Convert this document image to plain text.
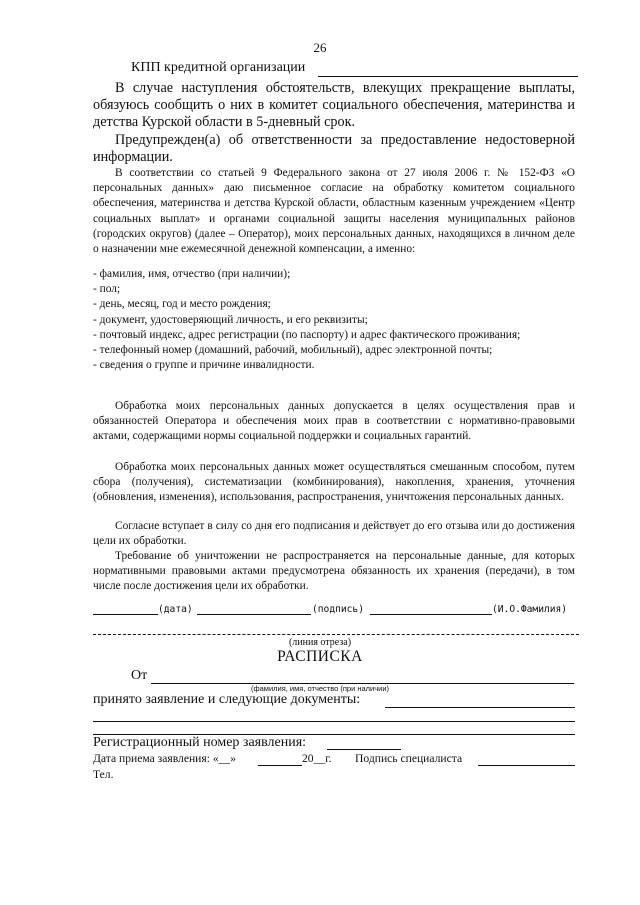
26
КПП кредитной организации
В случае наступления обстоятельств, влекущих прекращение выплаты, обязуюсь сообщить о них в комитет социального обеспечения, материнства и детства Курской области в 5-дневный срок.
Предупрежден(а) об ответственности за предоставление недостоверной информации.
В соответствии со статьей 9 Федерального закона от 27 июля 2006 г. № 152-ФЗ «О персональных данных» даю письменное согласие на обработку комитетом социального обеспечения, материнства и детства Курской области, областным казенным учреждением «Центр социальных выплат» и органами социальной защиты населения муниципальных районов (городских округов) (далее – Оператор), моих персональных данных, находящихся в личном деле о назначении мне ежемесячной денежной компенсации, а именно:
- фамилия, имя, отчество (при наличии);
- пол;
- день, месяц, год и место рождения;
- документ, удостоверяющий личность, и его реквизиты;
- почтовый индекс, адрес регистрации (по паспорту) и адрес фактического проживания;
- телефонный номер (домашний, рабочий, мобильный), адрес электронной почты;
- сведения о группе и причине инвалидности.
Обработка моих персональных данных допускается в целях осуществления прав и обязанностей Оператора и обеспечения моих прав в соответствии с нормативно-правовыми актами, содержащими нормы социальной поддержки и социальных гарантий.
Обработка моих персональных данных может осуществляться смешанным способом, путем сбора (получения), систематизации (комбинирования), накопления, хранения, уточнения (обновления, изменения), использования, распространения, уничтожения персональных данных.
Согласие вступает в силу со дня его подписания и действует до его отзыва или до достижения цели их обработки.
Требование об уничтожении не распространяется на персональные данные, для которых нормативными правовыми актами предусмотрена обязанность их хранения (передачи), в том числе после достижения цели их обработки.
(дата)	(подпись)	(И.О.Фамилия)
(линия отреза)
РАСПИСКА
От
(фамилия, имя, отчество (при наличии)
принято заявление и следующие документы:
Регистрационный номер заявления:
Дата приема заявления: «__»	20__г. Подпись специалиста
Тел.
